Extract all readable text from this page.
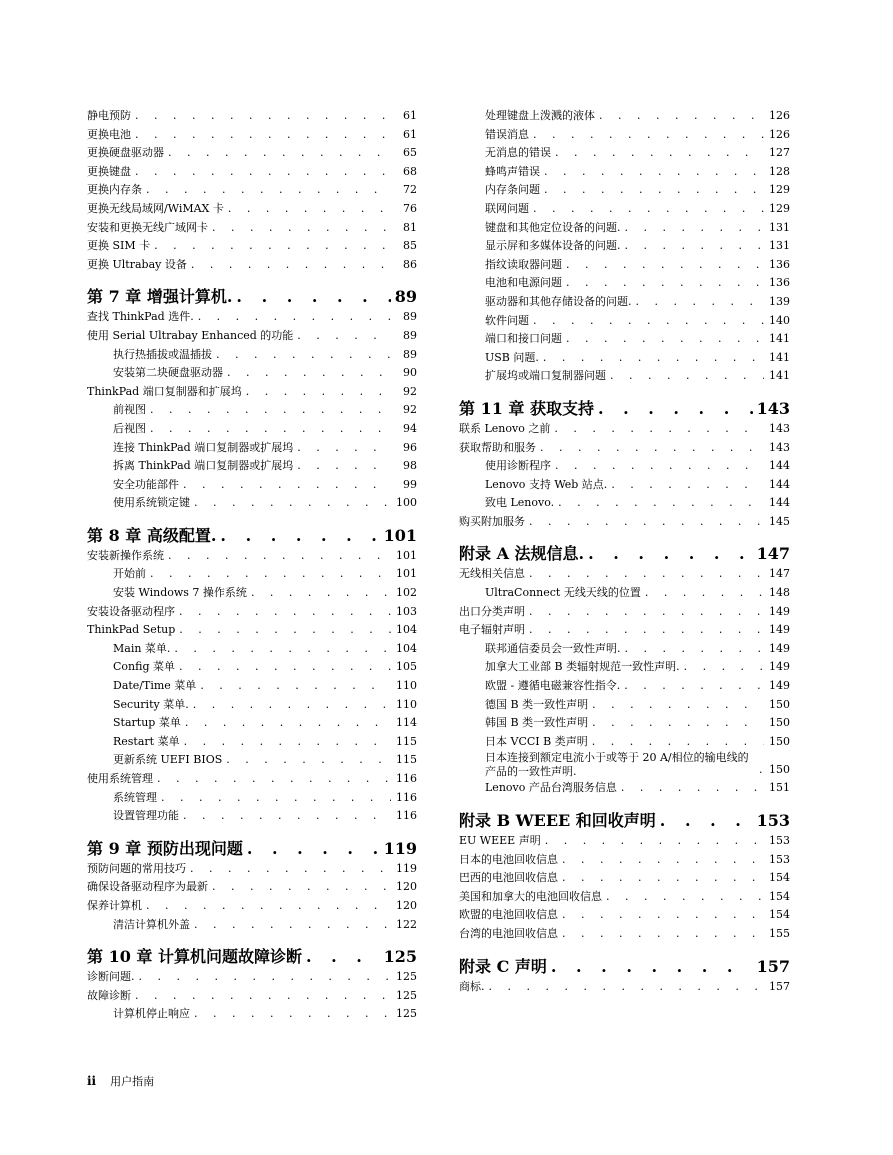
静电预防 . . .	61
更换电池 . . .	61
更换硬盘驱动器 . . .	65
更换键盘 . . .	68
更换内存条 . . .	72
更换无线局域网/WiMAX 卡 . . .	76
安装和更换无线广域网卡 . . .	81
更换 SIM 卡 . . .	85
更换 Ultrabay 设备 . . .	86
第 7 章 增强计算机. . . .	89
查找 ThinkPad 选件. . . .	89
使用 Serial Ultrabay Enhanced 的功能 . . .	89
执行热插拔或温插拔 . . .	89
安装第二块硬盘驱动器 . . .	90
ThinkPad 端口复制器和扩展坞 . . .	92
前视图 . . .	92
后视图 . . .	94
连接 ThinkPad 端口复制器或扩展坞 . . .	96
拆离 ThinkPad 端口复制器或扩展坞 . . .	98
安全功能部件 . . .	99
使用系统锁定键 . . .	100
第 8 章 高级配置. . . .	101
安装新操作系统 . . .	101
开始前 . . .	101
安装 Windows 7 操作系统 . . .	102
安装设备驱动程序 . . .	103
ThinkPad Setup . . .	104
Main 菜单. . . .	104
Config 菜单 . . .	105
Date/Time 菜单 . . .	110
Security 菜单. . . .	110
Startup 菜单 . . .	114
Restart 菜单 . . .	115
更新系统 UEFI BIOS . . .	115
使用系统管理 . . .	116
系统管理 . . .	116
设置管理功能 . . .	116
第 9 章 预防出现问题 . . .	119
预防问题的常用技巧 . . .	119
确保设备驱动程序为最新 . . .	120
保养计算机 . . .	120
清洁计算机外盖 . . .	122
第 10 章 计算机问题故障诊断 . . .	125
诊断问题. . . .	125
故障诊断 . . .	125
计算机停止响应 . . .	125
处理键盘上泼溅的液体 . . .	126
错误消息 . . .	126
无消息的错误 . . .	127
蜂鸣声错误 . . .	128
内存条问题 . . .	129
联网问题 . . .	129
键盘和其他定位设备的问题. . . .	131
显示屏和多媒体设备的问题. . . .	131
指纹读取器问题 . . .	136
电池和电源问题 . . .	136
驱动器和其他存储设备的问题. . . .	139
软件问题 . . .	140
端口和接口问题 . . .	141
USB 问题. . . .	141
扩展坞或端口复制器问题 . . .	141
第 11 章 获取支持 . . .	143
联系 Lenovo 之前 . . .	143
获取帮助和服务 . . .	143
使用诊断程序 . . .	144
Lenovo 支持 Web 站点. . . .	144
致电 Lenovo. . . .	144
购买附加服务 . . .	145
附录 A 法规信息. . . .	147
无线相关信息 . . .	147
UltraConnect 无线天线的位置 . . .	148
出口分类声明 . . .	149
电子辐射声明 . . .	149
联邦通信委员会一致性声明. . . .	149
加拿大工业部 B 类辐射规范一致性声明. . . .	149
欧盟 - 遵循电磁兼容性指令. . . .	149
德国 B 类一致性声明 . . .	150
韩国 B 类一致性声明 . . .	150
日本 VCCI B 类声明 . . .	150
日本连接到额定电流小于或等于 20 A/相位的输电线的产品的一致性声明. . . .	150
Lenovo 产品台湾服务信息 . . .	151
附录 B WEEE 和回收声明 . . .	153
EU WEEE 声明 . . .	153
日本的电池回收信息 . . .	153
巴西的电池回收信息 . . .	154
美国和加拿大的电池回收信息 . . .	154
欧盟的电池回收信息 . . .	154
台湾的电池回收信息 . . .	155
附录 C 声明 . . .	157
商标. . . .	157
ii 用户指南
